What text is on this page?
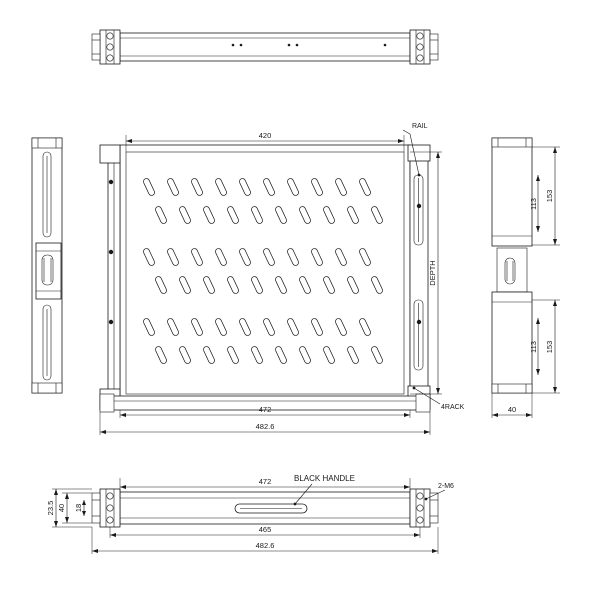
420
472
482.6
DEPTH
RAIL
4RACK
113
153
113 153
40
472	BLACK HANDLE
2-M6
465
482.6
40 18
23.5
